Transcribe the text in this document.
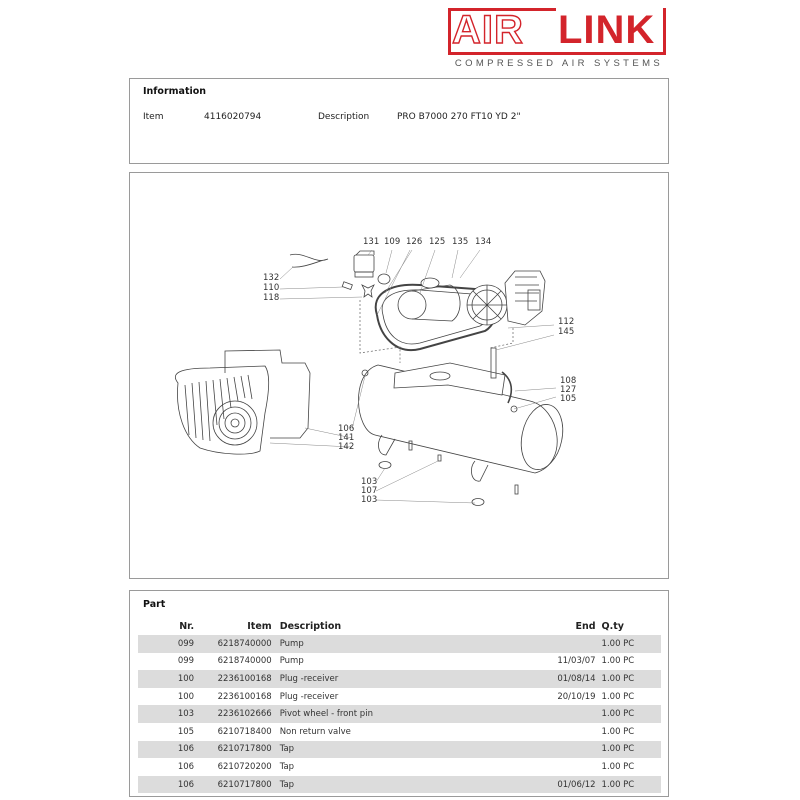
AIR LINK
COMPRESSED AIR SYSTEMS
Information
Item	4116020794	Description	PRO B7000 270 FT10 YD 2"
131 109 126 125 135 134
132
110
118
112
145
108
127
105
106
141
142
103
107
103
Part
Nr.	Item	Description	End	Q.ty
099	6218740000	Pump		1.00 PC
099	6218740000	Pump	11/03/07	1.00 PC
100	2236100168	Plug -receiver	01/08/14	1.00 PC
100	2236100168	Plug -receiver	20/10/19	1.00 PC
103	2236102666	Pivot wheel - front pin		1.00 PC
105	6210718400	Non return valve		1.00 PC
106	6210717800	Tap		1.00 PC
106	6210720200	Tap		1.00 PC
106	6210717800	Tap	01/06/12	1.00 PC
